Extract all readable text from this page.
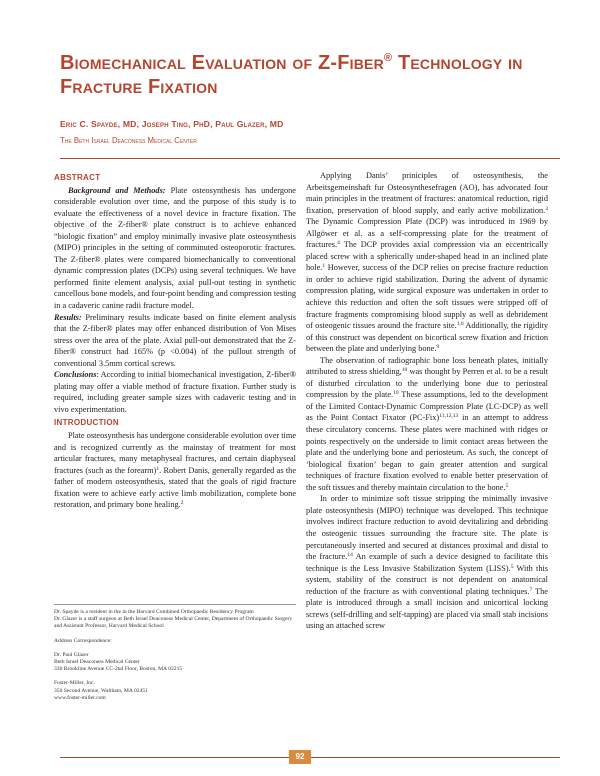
Biomechanical Evaluation of Z-Fiber® Technology in Fracture Fixation
Eric C. Spayde, MD, Joseph Ting, PhD, Paul Glazer, MD
The Beth Israel Deaconess Medical Center
ABSTRACT

Background and Methods: Plate osteosynthesis has undergone considerable evolution over time, and the purpose of this study is to evaluate the effectiveness of a novel device in fracture fixation. The objective of the Z-fiber® plate construct is to achieve enhanced “biologic fixation” and employ minimally invasive plate osteosynthesis (MIPO) principles in the setting of comminuted osteoporotic fractures. The Z-fiber® plates were compared biomechanically to conventional dynamic compression plates (DCPs) using several techniques. We have performed finite element analysis, axial pull-out testing in synthetic cancellous bone models, and four-point bending and compression testing in a cadaveric canine radii fracture model.

Results: Preliminary results indicate based on finite element analysis that the Z-fiber® plates may offer enhanced distribution of Von Mises stress over the area of the plate. Axial pull-out demonstrated that the Z-fiber® construct had 165% (p <0.004) of the pullout strength of conventional 3.5mm cortical screws.

Conclusions: According to initial biomechanical investigation, Z-fiber® plating may offer a viable method of fracture fixation. Further study is required, including greater sample sizes with cadaveric testing and in vivo experimentation.

INTRODUCTION

Plate osteosynthesis has undergone considerable evolution over time and is recognized currently as the mainstay of treatment for most articular fractures, many metaphyseal fractures, and certain diaphyseal fractures (such as the forearm)$^1$. Robert Danis, generally regarded as the father of modern osteosynthesis, stated that the goals of rigid fracture fixation were to achieve early active limb mobilization, complete bone restoration, and primary bone healing.$^2$

Dr. Spayde is a resident in the in the Harvard Combined Orthopaedic Residency Program
Dr. Glazer is a staff surgeon at Beth Israel Deaconess Medical Center, Department of Orthopaedic Surgery and Assistant Professor, Harvard Medical School
Address Correspondence:
Dr. Paul Glazer
Beth Israel Deaconess Medical Center
330 Brookline Avenue CC-2nd Floor, Boston, MA 02215
Foster-Miller, Inc.
350 Second Avenue, Waltham, MA 02451
www.foster-miller.com

Applying Danis’ priniciples of osteosynthesis, the Arbeitsgemeinshaft fur Osteosynthesefragen (AO), has advocated four main principles in the treatment of fractures: anatomical reduction, rigid fixation, preservation of blood supply, and early active mobilization.$^3$ The Dynamic Compression Plate (DCP) was introduced in 1969 by Allgöwer et al. as a self-compressing plate for the treatment of fractures.$^4$ The DCP provides axial compression via an eccentrically placed screw with a spherically under-shaped head in an inclined plate hole.$^1$ However, success of the DCP relies on precise fracture reduction in order to achieve rigid stabilization. During the advent of dynamic compression plating, wide surgical exposure was undertaken in order to achieve this reduction and often the soft tissues were stripped off of fracture fragments compromising blood supply as well as debridement of osteogenic tissues around the fracture site.$^{1,6}$ Additionally, the rigidity of this construct was dependent on bicortical screw fixation and friction between the plate and underlying bone.$^9$

The observation of radiographic bone loss beneath plates, initially attributed to stress shielding,$^{10}$ was thought by Perren et al. to be a result of disturbed circulation to the underlying bone due to periosteal compression by the plate.$^{10}$ These assumptions, led to the development of the Limited Contact-Dynamic Compression Plate (LC-DCP) as well as the Point Contact Fixator $(PC-Fix)^{11,12,13}$ in an attempt to address these circulatory concerns. These plates were machined with ridges or points respectively on the underside to limit contact areas between the plate and the underlying bone and periosteum. As such, the concept of ‘biological fixation’ began to gain greater attention and surgical techniques of fracture fixation evolved to enable better preservation of the soft tissues and thereby maintain circulation to the bone.$^5$

In order to minimize soft tissue stripping the minimally invasive plate osteosynthesis (MIPO) technique was developed. This technique involves indirect fracture reduction to avoid devitalizing and debriding the osteogenic tissues surrounding the fracture site. The plate is percutaneously inserted and secured at distances proximal and distal to the fracture.$^{14}$ An example of such a device designed to facilitate this technique is the Less Invasive Stabilization System (LISS).$^5$ With this system, stability of the construct is not dependent on anatomical reduction of the fracture as with conventional plating techniques.$^7$ The plate is introduced through a small incision and unicortical locking screws (self-drilling and self-tapping) are placed via small stab incisions using an attached screw

92
